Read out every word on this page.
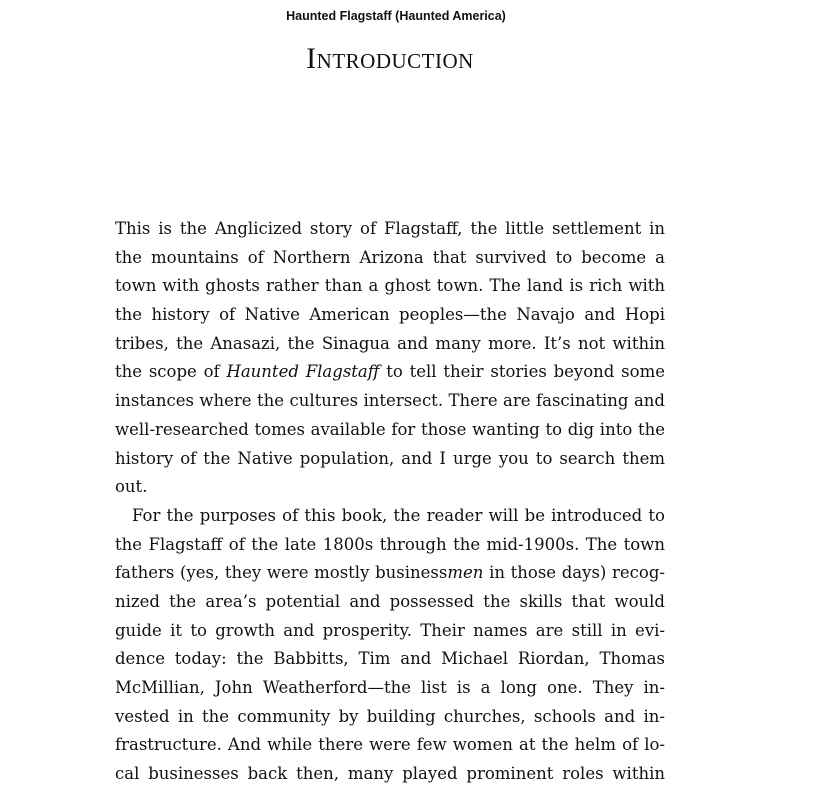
Haunted Flagstaff (Haunted America)
Introduction
This is the Anglicized story of Flagstaff, the little settlement in
the mountains of Northern Arizona that survived to become a
town with ghosts rather than a ghost town. The land is rich with
the history of Native American peoples—the Navajo and Hopi
tribes, the Anasazi, the Sinagua and many more. It’s not within
the scope of Haunted Flagstaff to tell their stories beyond some
instances where the cultures intersect. There are fascinating and
well-researched tomes available for those wanting to dig into the
history of the Native population, and I urge you to search them
out.
For the purposes of this book, the reader will be introduced to
the Flagstaff of the late 1800s through the mid-1900s. The town
fathers (yes, they were mostly businessmen in those days) recog-
nized the area’s potential and possessed the skills that would
guide it to growth and prosperity. Their names are still in evi-
dence today: the Babbitts, Tim and Michael Riordan, Thomas
McMillian, John Weatherford—the list is a long one. They in-
vested in the community by building churches, schools and in-
frastructure. And while there were few women at the helm of lo-
cal businesses back then, many played prominent roles within
